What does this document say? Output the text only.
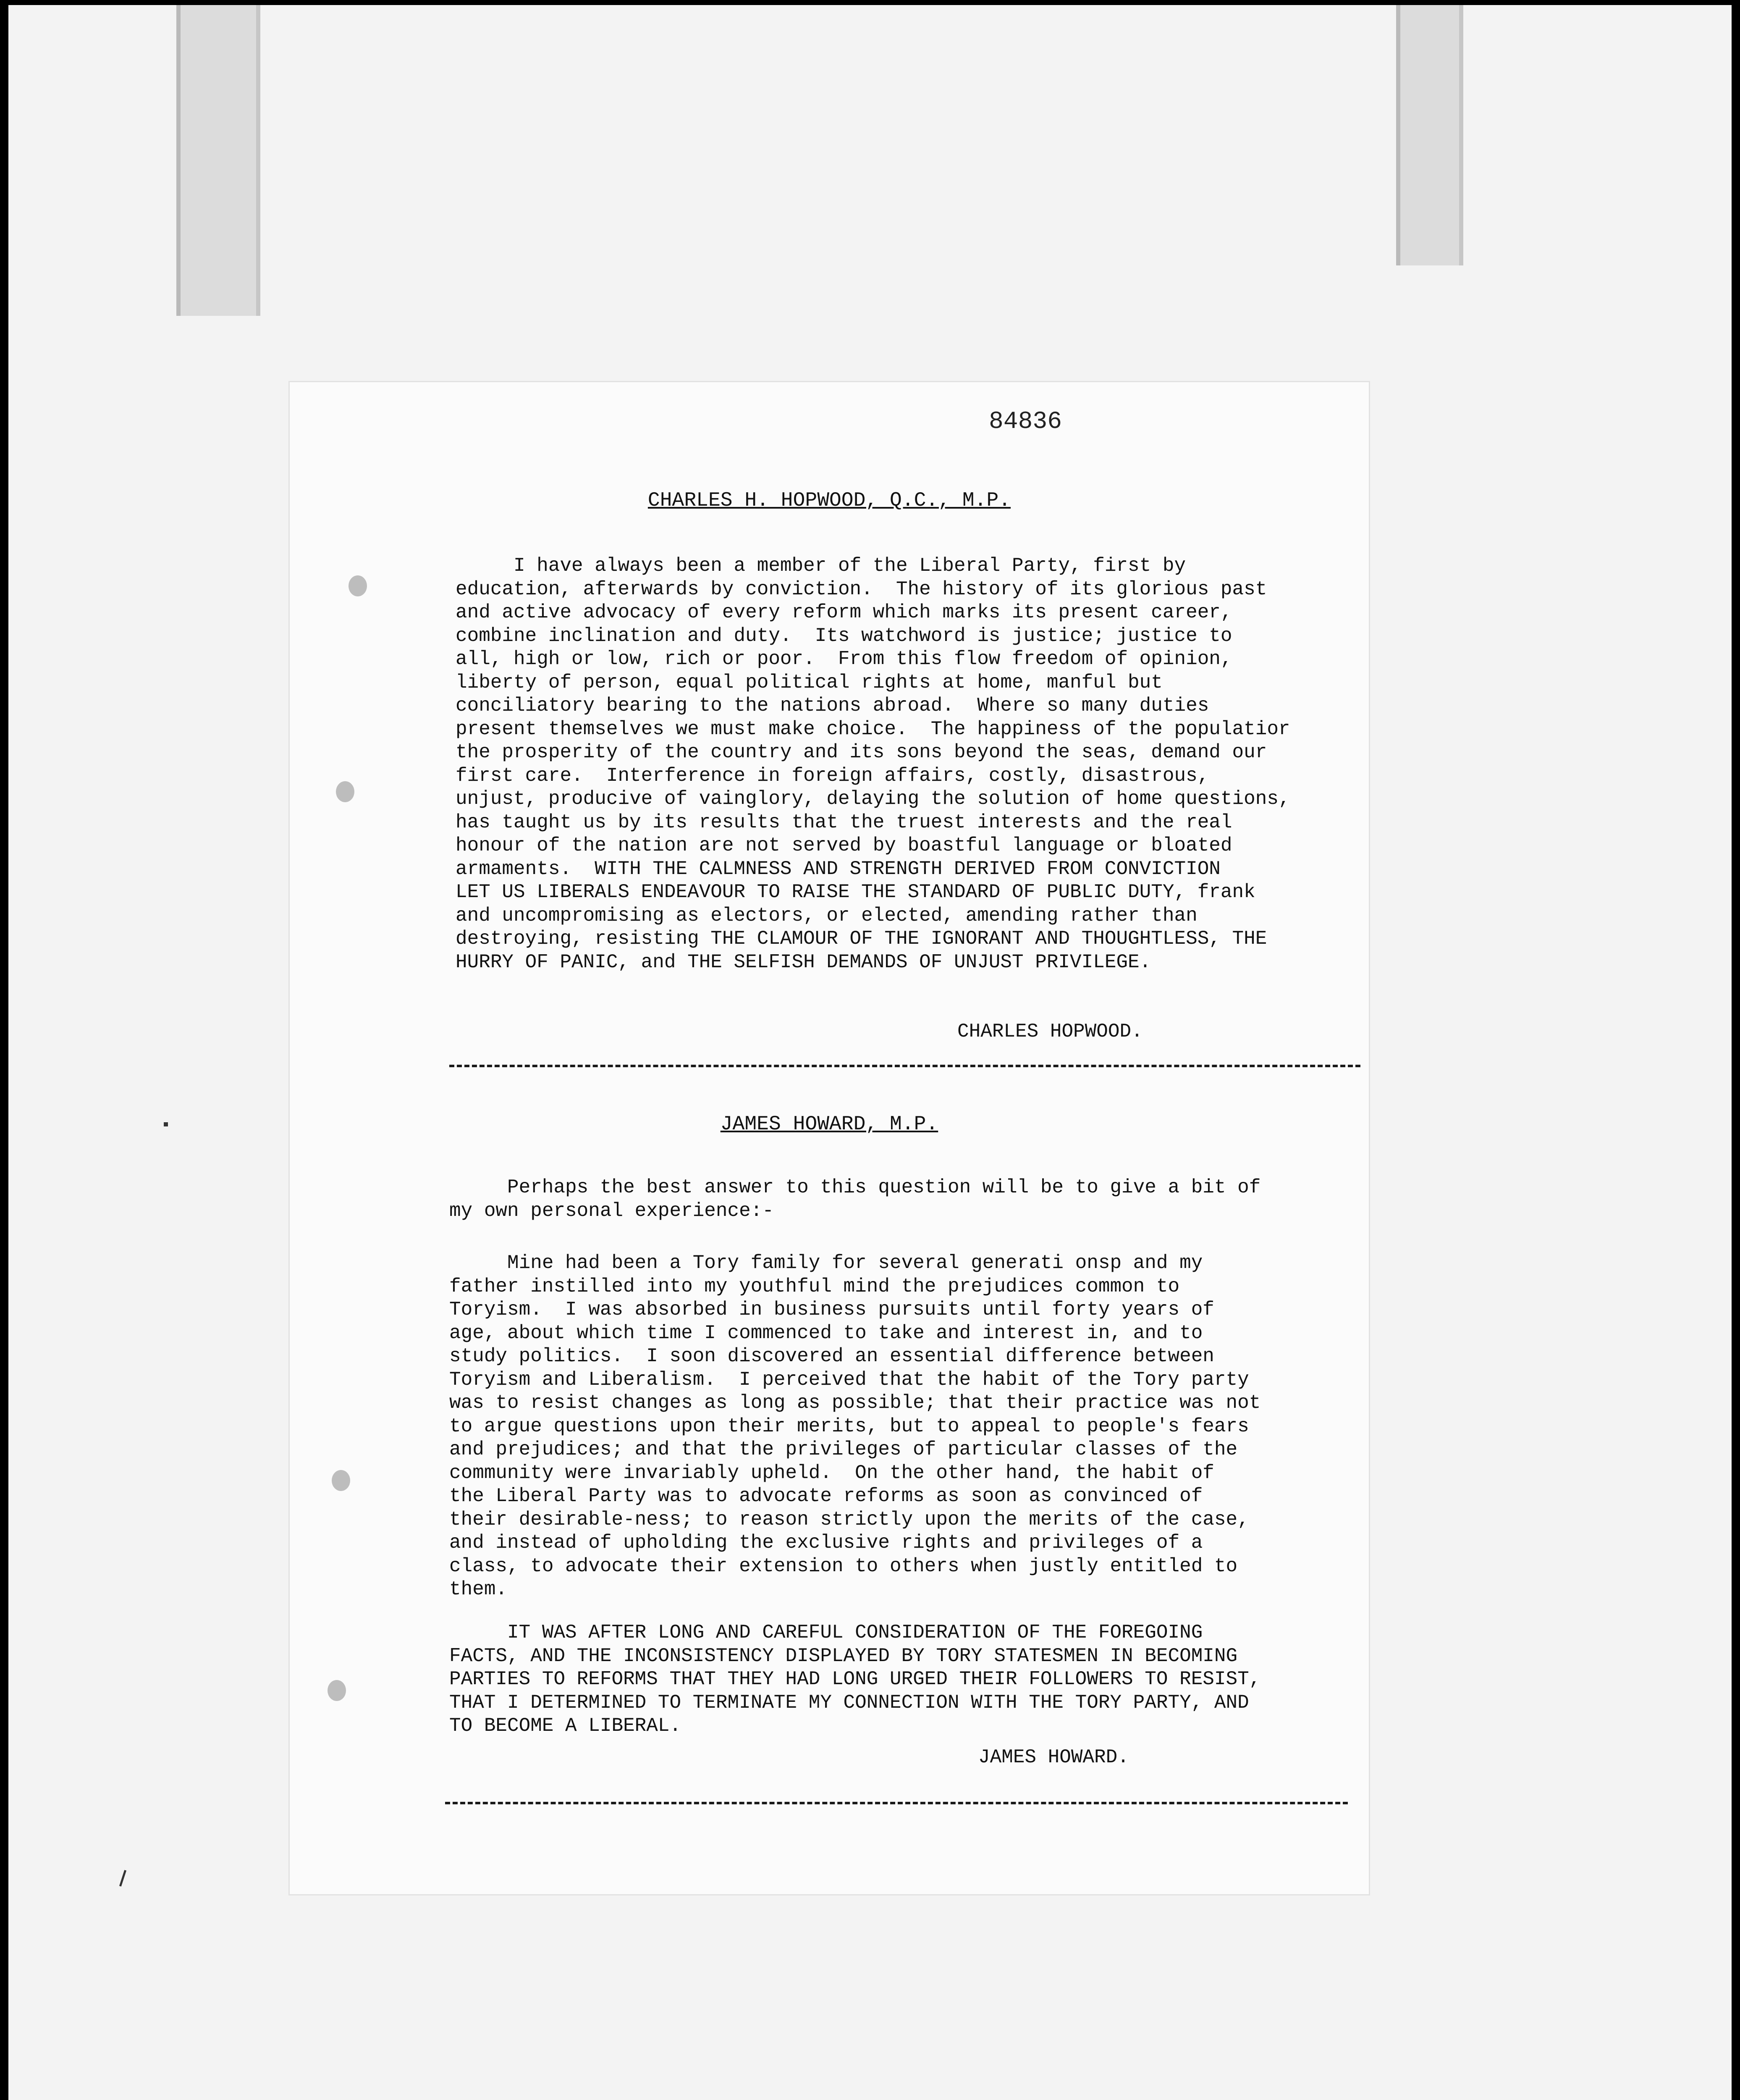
84836
CHARLES H. HOPWOOD, Q.C., M.P.
I have always been a member of the Liberal Party, first by
education, afterwards by conviction.  The history of its glorious past
and active advocacy of every reform which marks its present career,
combine inclination and duty.  Its watchword is justice; justice to
all, high or low, rich or poor.  From this flow freedom of opinion,
liberty of person, equal political rights at home, manful but
conciliatory bearing to the nations abroad.  Where so many duties
present themselves we must make choice.  The happiness of the populatior
the prosperity of the country and its sons beyond the seas, demand our
first care.  Interference in foreign affairs, costly, disastrous,
unjust, producive of vainglory, delaying the solution of home questions,
has taught us by its results that the truest interests and the real
honour of the nation are not served by boastful language or bloated
armaments.  WITH THE CALMNESS AND STRENGTH DERIVED FROM CONVICTION
LET US LIBERALS ENDEAVOUR TO RAISE THE STANDARD OF PUBLIC DUTY, frank
and uncompromising as electors, or elected, amending rather than
destroying, resisting THE CLAMOUR OF THE IGNORANT AND THOUGHTLESS, THE
HURRY OF PANIC, and THE SELFISH DEMANDS OF UNJUST PRIVILEGE.
CHARLES HOPWOOD.
JAMES HOWARD, M.P.
Perhaps the best answer to this question will be to give a bit of
my own personal experience:-
Mine had been a Tory family for several generati onsp and my
father instilled into my youthful mind the prejudices common to
Toryism.  I was absorbed in business pursuits until forty years of
age, about which time I commenced to take and interest in, and to
study politics.  I soon discovered an essential difference between
Toryism and Liberalism.  I perceived that the habit of the Tory party
was to resist changes as long as possible; that their practice was not
to argue questions upon their merits, but to appeal to people's fears
and prejudices; and that the privileges of particular classes of the
community were invariably upheld.  On the other hand, the habit of
the Liberal Party was to advocate reforms as soon as convinced of
their desirable-ness; to reason strictly upon the merits of the case,
and instead of upholding the exclusive rights and privileges of a
class, to advocate their extension to others when justly entitled to
them.
IT WAS AFTER LONG AND CAREFUL CONSIDERATION OF THE FOREGOING
FACTS, AND THE INCONSISTENCY DISPLAYED BY TORY STATESMEN IN BECOMING
PARTIES TO REFORMS THAT THEY HAD LONG URGED THEIR FOLLOWERS TO RESIST,
THAT I DETERMINED TO TERMINATE MY CONNECTION WITH THE TORY PARTY, AND
TO BECOME A LIBERAL.
JAMES HOWARD.
